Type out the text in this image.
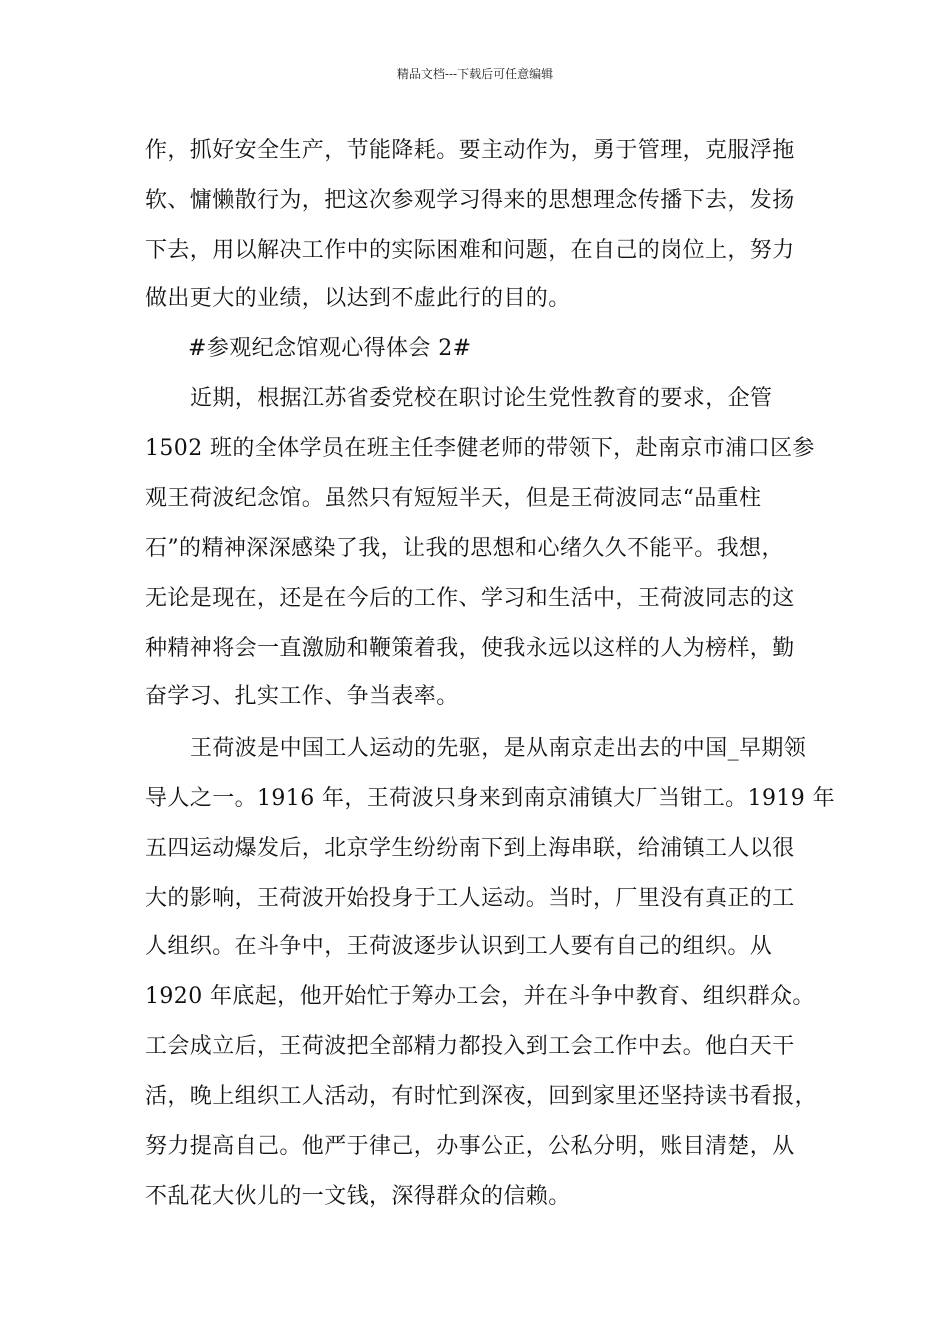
精品文档---下载后可任意编辑
作，抓好安全生产，节能降耗。要主动作为，勇于管理，克服浮拖
软、慵懒散行为，把这次参观学习得来的思想理念传播下去，发扬
下去，用以解决工作中的实际困难和问题，在自己的岗位上，努力
做出更大的业绩，以达到不虚此行的目的。
#参观纪念馆观心得体会 2#
近期，根据江苏省委党校在职讨论生党性教育的要求，企管
1502 班的全体学员在班主任李健老师的带领下，赴南京市浦口区参
观王荷波纪念馆。虽然只有短短半天，但是王荷波同志“品重柱
石”的精神深深感染了我，让我的思想和心绪久久不能平。我想，
无论是现在，还是在今后的工作、学习和生活中，王荷波同志的这
种精神将会一直激励和鞭策着我，使我永远以这样的人为榜样，勤
奋学习、扎实工作、争当表率。
王荷波是中国工人运动的先驱，是从南京走出去的中国_早期领
导人之一。1916 年，王荷波只身来到南京浦镇大厂当钳工。1919 年
五四运动爆发后，北京学生纷纷南下到上海串联，给浦镇工人以很
大的影响，王荷波开始投身于工人运动。当时，厂里没有真正的工
人组织。在斗争中，王荷波逐步认识到工人要有自己的组织。从
1920 年底起，他开始忙于筹办工会，并在斗争中教育、组织群众。
工会成立后，王荷波把全部精力都投入到工会工作中去。他白天干
活，晚上组织工人活动，有时忙到深夜，回到家里还坚持读书看报，
努力提高自己。他严于律己，办事公正，公私分明，账目清楚，从
不乱花大伙儿的一文钱，深得群众的信赖。
